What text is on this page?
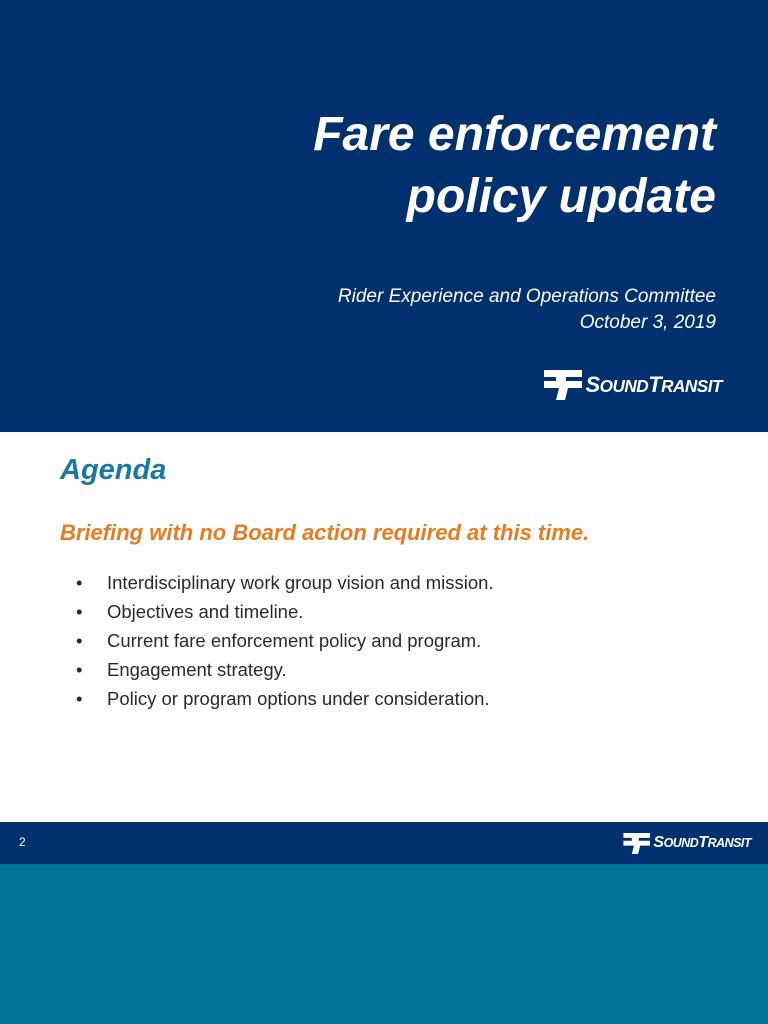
Fare enforcement
policy update
Rider Experience and Operations Committee
October 3, 2019
SOUNDTRANSIT
Agenda

Briefing with no Board action required at this time.

•	Interdisciplinary work group vision and mission.
•	Objectives and timeline.
•	Current fare enforcement policy and program.
•	Engagement strategy.
•	Policy or program options under consideration.
2	SOUNDTRANSIT
